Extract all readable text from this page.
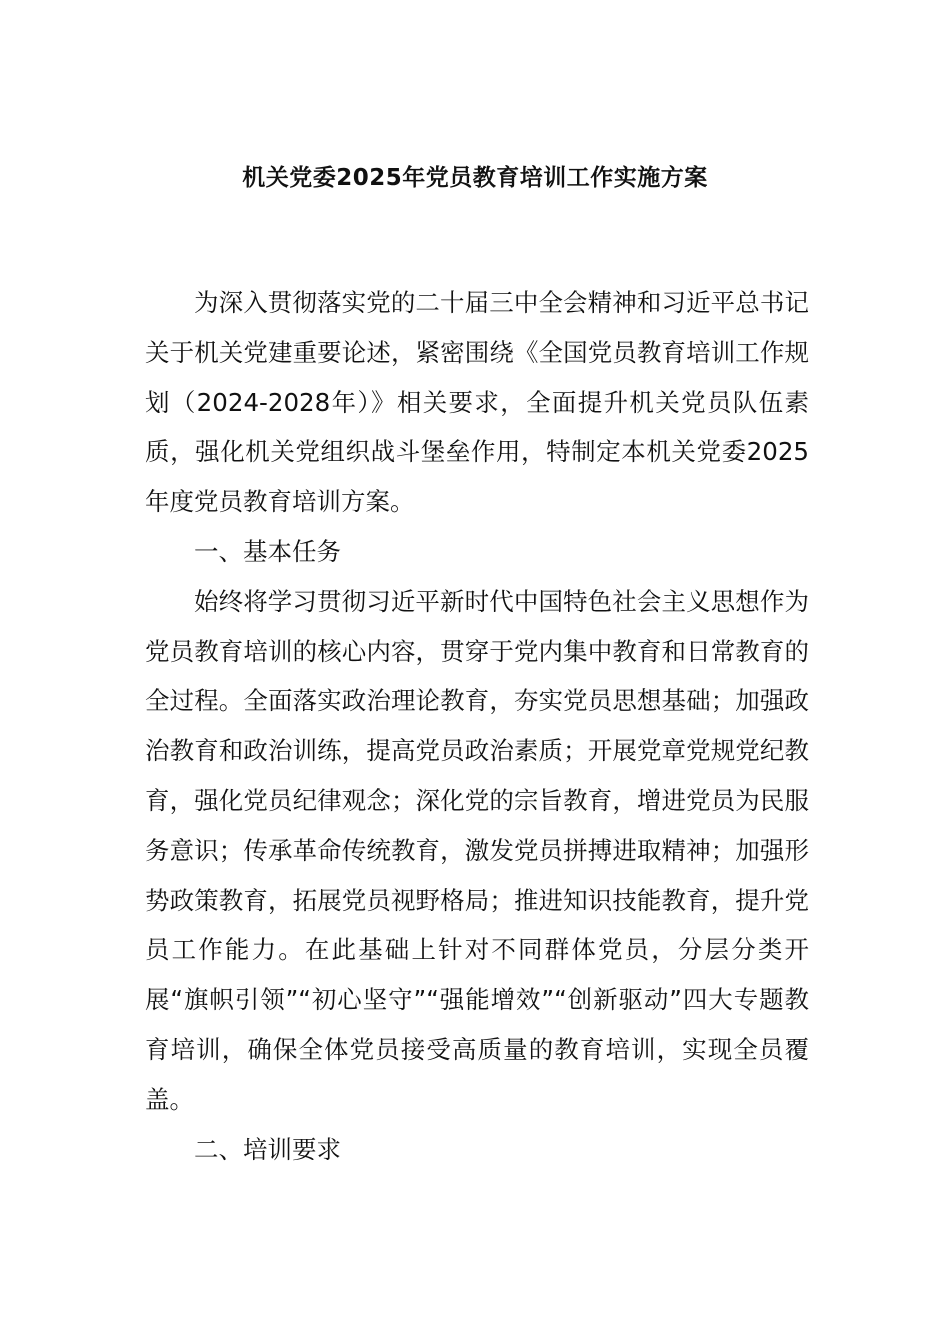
机关党委2025年党员教育培训工作实施方案

为深入贯彻落实党的二十届三中全会精神和习近平总书记关于机关党建重要论述，紧密围绕《全国党员教育培训工作规划（2024-2028年）》相关要求，全面提升机关党员队伍素质，强化机关党组织战斗堡垒作用，特制定本机关党委2025年度党员教育培训方案。

一、基本任务

始终将学习贯彻习近平新时代中国特色社会主义思想作为党员教育培训的核心内容，贯穿于党内集中教育和日常教育的全过程。全面落实政治理论教育，夯实党员思想基础；加强政治教育和政治训练，提高党员政治素质；开展党章党规党纪教育，强化党员纪律观念；深化党的宗旨教育，增进党员为民服务意识；传承革命传统教育，激发党员拼搏进取精神；加强形势政策教育，拓展党员视野格局；推进知识技能教育，提升党员工作能力。在此基础上针对不同群体党员，分层分类开展“旗帜引领”“初心坚守”“强能增效”“创新驱动”四大专题教育培训，确保全体党员接受高质量的教育培训，实现全员覆盖。

二、培训要求
